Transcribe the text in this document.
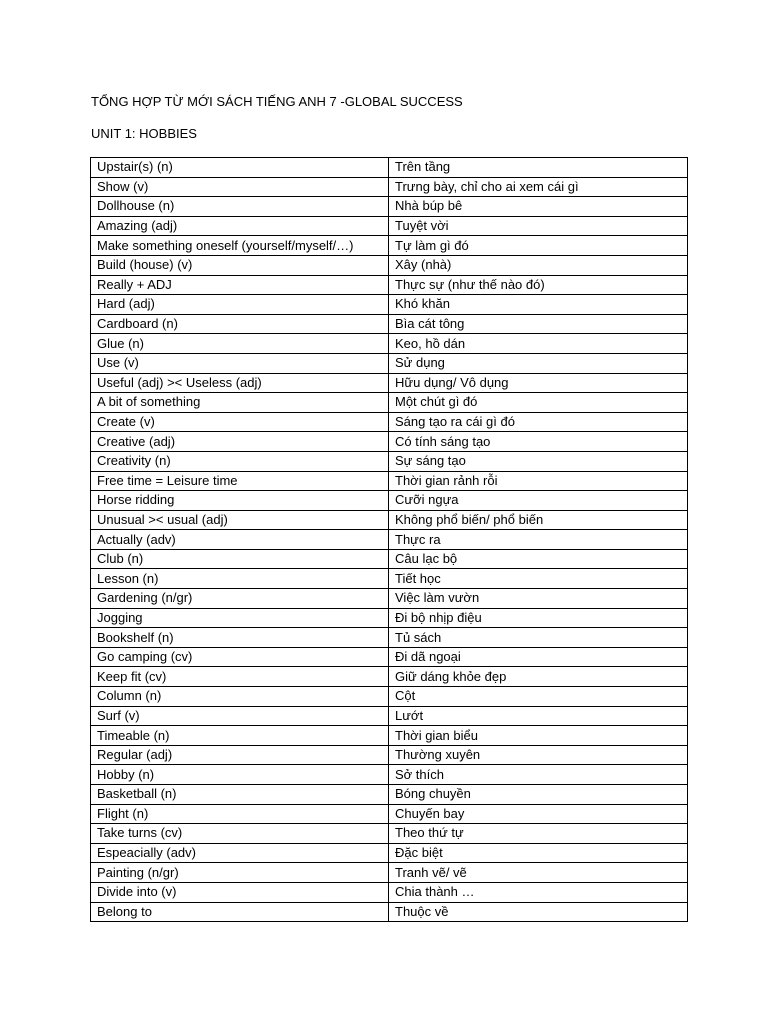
TỔNG HỢP TỪ MỚI SÁCH TIẾNG ANH 7 -GLOBAL SUCCESS
UNIT 1: HOBBIES
Upstair(s) (n)	Trên tầng
Show (v)	Trưng bày, chỉ cho ai xem cái gì
Dollhouse (n)	Nhà búp bê
Amazing (adj)	Tuyệt vời
Make something oneself (yourself/myself/…)	Tự làm gì đó
Build (house) (v)	Xây (nhà)
Really + ADJ	Thực sự (như thế nào đó)
Hard (adj)	Khó khăn
Cardboard (n)	Bìa cát tông
Glue (n)	Keo, hồ dán
Use (v)	Sử dụng
Useful (adj) >< Useless (adj)	Hữu dụng/ Vô dụng
A bit of something	Một chút gì đó
Create (v)	Sáng tạo ra cái gì đó
Creative (adj)	Có tính sáng tạo
Creativity (n)	Sự sáng tạo
Free time = Leisure time	Thời gian rảnh rỗi
Horse ridding	Cưỡi ngựa
Unusual >< usual (adj)	Không phổ biến/ phổ biến
Actually (adv)	Thực ra
Club (n)	Câu lạc bộ
Lesson (n)	Tiết học
Gardening (n/gr)	Việc làm vườn
Jogging	Đi bộ nhịp điệu
Bookshelf (n)	Tủ sách
Go camping (cv)	Đi dã ngoại
Keep fit (cv)	Giữ dáng khỏe đẹp
Column (n)	Cột
Surf (v)	Lướt
Timeable (n)	Thời gian biểu
Regular (adj)	Thường xuyên
Hobby (n)	Sở thích
Basketball (n)	Bóng chuyền
Flight (n)	Chuyến bay
Take turns (cv)	Theo thứ tự
Espeacially (adv)	Đặc biệt
Painting (n/gr)	Tranh vẽ/ vẽ
Divide into (v)	Chia thành …
Belong to	Thuộc về
